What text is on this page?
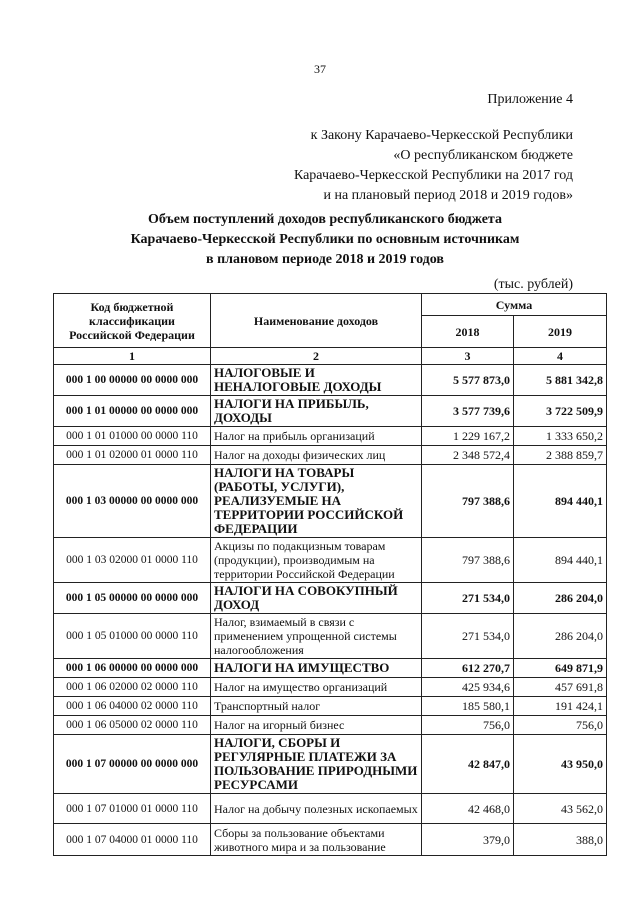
37
Приложение 4
к Закону Карачаево-Черкесской Республики
«О республиканском бюджете
Карачаево-Черкесской Республики на 2017 год
и на плановый период 2018 и 2019 годов»
Объем поступлений доходов республиканского бюджета
Карачаево-Черкесской Республики по основным источникам
в плановом периоде 2018 и 2019 годов
(тыс. рублей)
Код бюджетной классификации Российской Федерации	Наименование доходов	Сумма	
		2018	2019
1	2	3	4
000 1 00 00000 00 0000 000	НАЛОГОВЫЕ И НЕНАЛОГОВЫЕ ДОХОДЫ	5 577 873,0	5 881 342,8
000 1 01 00000 00 0000 000	НАЛОГИ НА ПРИБЫЛЬ, ДОХОДЫ	3 577 739,6	3 722 509,9
000 1 01 01000 00 0000 110	Налог на прибыль организаций	1 229 167,2	1 333 650,2
000 1 01 02000 01 0000 110	Налог на доходы физических лиц	2 348 572,4	2 388 859,7
000 1 03 00000 00 0000 000	НАЛОГИ НА ТОВАРЫ (РАБОТЫ, УСЛУГИ), РЕАЛИЗУЕМЫЕ НА ТЕРРИТОРИИ РОССИЙСКОЙ ФЕДЕРАЦИИ	797 388,6	894 440,1
000 1 03 02000 01 0000 110	Акцизы по подакцизным товарам (продукции), производимым на территории Российской Федерации	797 388,6	894 440,1
000 1 05 00000 00 0000 000	НАЛОГИ НА СОВОКУПНЫЙ ДОХОД	271 534,0	286 204,0
000 1 05 01000 00 0000 110	Налог, взимаемый в связи с применением упрощенной системы налогообложения	271 534,0	286 204,0
000 1 06 00000 00 0000 000	НАЛОГИ НА ИМУЩЕСТВО	612 270,7	649 871,9
000 1 06 02000 02 0000 110	Налог на имущество организаций	425 934,6	457 691,8
000 1 06 04000 02 0000 110	Транспортный налог	185 580,1	191 424,1
000 1 06 05000 02 0000 110	Налог на игорный бизнес	756,0	756,0
000 1 07 00000 00 0000 000	НАЛОГИ, СБОРЫ И РЕГУЛЯРНЫЕ ПЛАТЕЖИ ЗА ПОЛЬЗОВАНИЕ ПРИРОДНЫМИ РЕСУРСАМИ	42 847,0	43 950,0
000 1 07 01000 01 0000 110	Налог на добычу полезных ископаемых	42 468,0	43 562,0
000 1 07 04000 01 0000 110	Сборы за пользование объектами животного мира и за пользование	379,0	388,0
